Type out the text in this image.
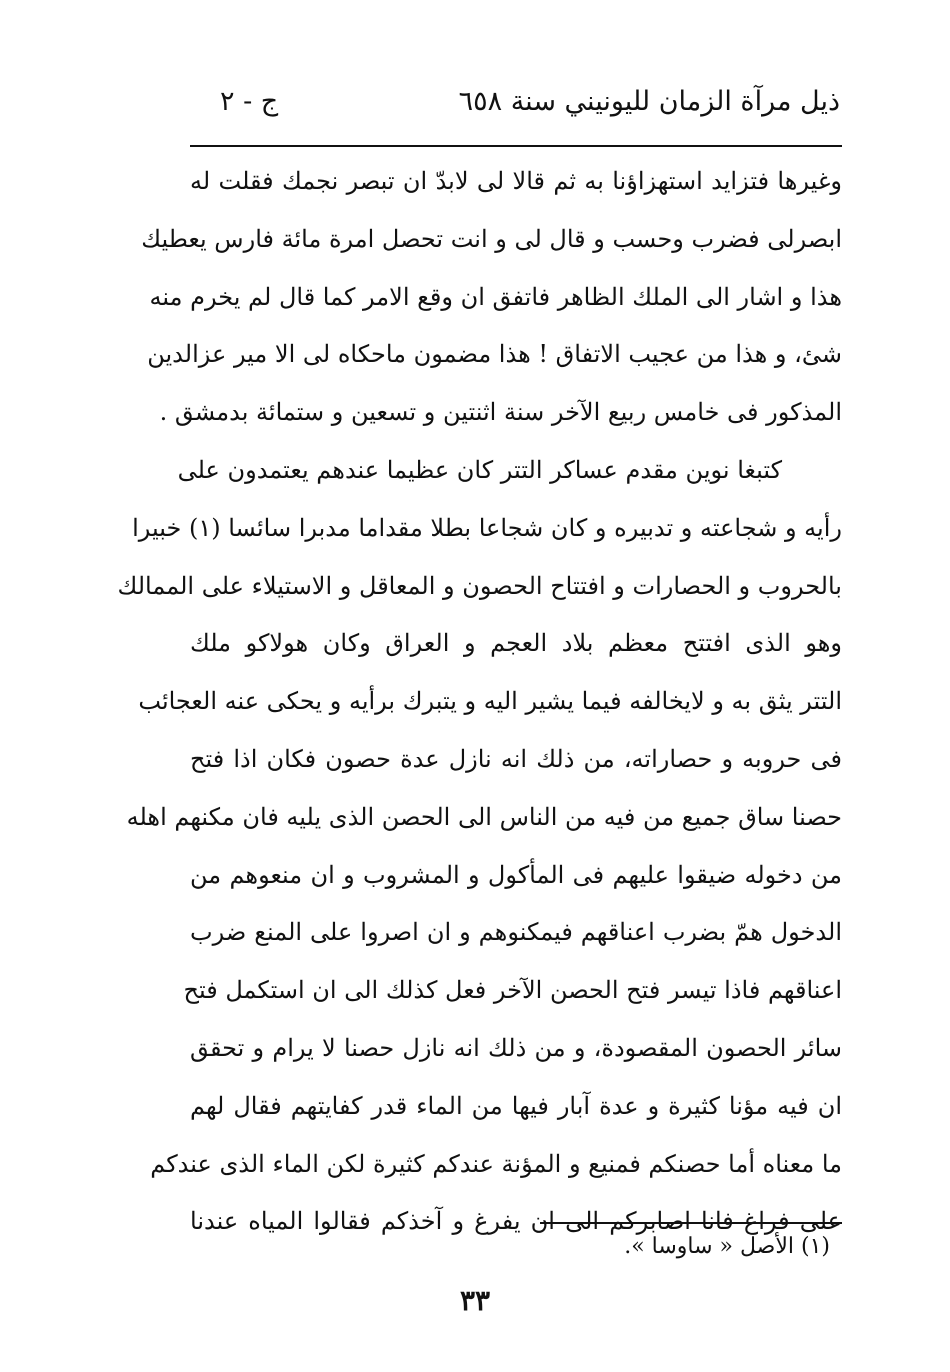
ذيل مرآة الزمان لليونيني سنة ٦٥٨
ج - ٢
وغيرها فتزايد استهزاؤنا به ثم قالا لى لابدّ ان تبصر نجمك فقلت له
ابصرلى فضرب وحسب و قال لى و انت تحصل امرة مائة فارس يعطيك
هذا و اشار الى الملك الظاهر فاتفق ان وقع الامر كما قال لم يخرم منه
شئ، و هذا من عجيب الاتفاق ! هذا مضمون ماحكاه لى الا مير عزالدين
المذكور فى خامس ربيع الآخر سنة اثنتين و تسعين و ستمائة بدمشق .
كتبغا نوين مقدم عساكر التتر كان عظيما عندهم يعتمدون على
رأيه و شجاعته و تدبيره و كان شجاعا بطلا مقداما مدبرا سائسا (١) خبيرا
بالحروب و الحصارات و افتتاح الحصون و المعاقل و الاستيلاء على الممالك
وهو الذى افتتح معظم بلاد العجم و العراق وكان هولاكو ملك
التتر يثق به و لايخالفه فيما يشير اليه و يتبرك برأيه و يحكى عنه العجائب
فى حروبه و حصاراته، من ذلك انه نازل عدة حصون فكان اذا فتح
حصنا ساق جميع من فيه من الناس الى الحصن الذى يليه فان مكنهم اهله
من دخوله ضيقوا عليهم فى المأكول و المشروب و ان منعوهم من
الدخول همّ بضرب اعناقهم فيمكنوهم و ان اصروا على المنع ضرب
اعناقهم فاذا تيسر فتح الحصن الآخر فعل كذلك الى ان استكمل فتح
سائر الحصون المقصودة، و من ذلك انه نازل حصنا لا يرام و تحقق
ان فيه مؤنا كثيرة و عدة آبار فيها من الماء قدر كفايتهم فقال لهم
ما معناه أما حصنكم فمنيع و المؤنة عندكم كثيرة لكن الماء الذى عندكم
على فراغ فانا اصابركم الى ان يفرغ و آخذكم فقالوا المياه عندنا
(١) الأصل « ساوسا ».
٣٣
